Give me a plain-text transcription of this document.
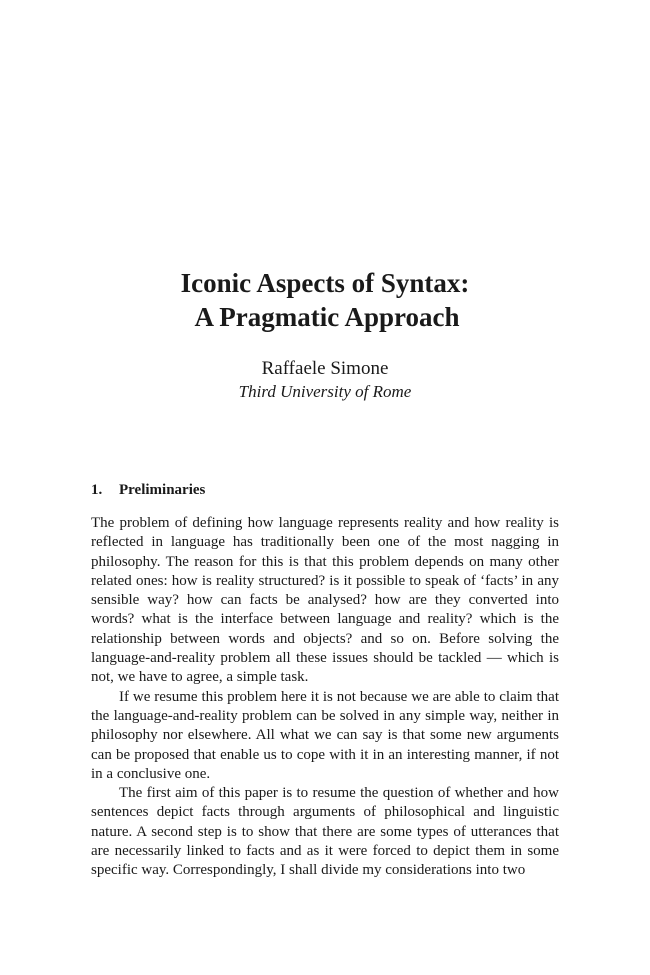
Iconic Aspects of Syntax:

A Pragmatic Approach

Raffaele Simone
Third University of Rome
1. Preliminaries

The problem of defining how language represents reality and how reality is reflected in language has traditionally been one of the most nagging in philosophy. The reason for this is that this problem depends on many other related ones: how is reality structured? is it possible to speak of ‘facts’ in any sensible way? how can facts be analysed? how are they converted into words? what is the interface between language and reality? which is the relationship between words and objects? and so on. Before solving the language-and-reality problem all these issues should be tackled — which is not, we have to agree, a simple task.

If we resume this problem here it is not because we are able to claim that the language-and-reality problem can be solved in any simple way, neither in philosophy nor elsewhere. All what we can say is that some new arguments can be proposed that enable us to cope with it in an interesting manner, if not in a conclusive one.

The first aim of this paper is to resume the question of whether and how sentences depict facts through arguments of philosophical and linguistic nature. A second step is to show that there are some types of utterances that are necessarily linked to facts and as it were forced to depict them in some specific way. Correspondingly, I shall divide my considerations into two
